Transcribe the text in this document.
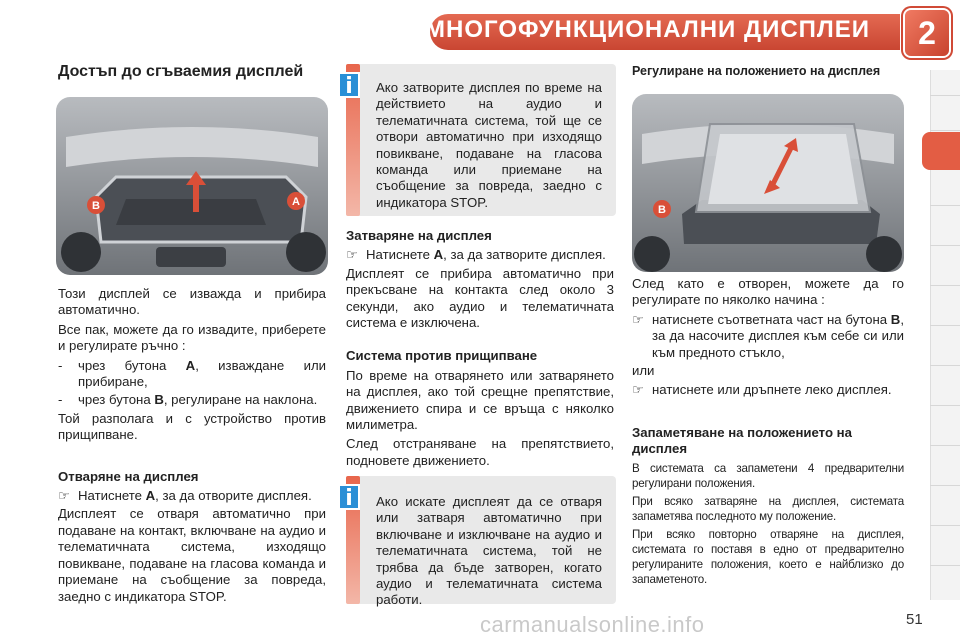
МНОГОФУНКЦИОНАЛНИ ДИСПЛЕИ	2
Достъп до сгъваемия дисплей
B	A

Този дисплей се изважда и прибира автоматично.

Все пак, можете да го извадите, приберете и регулирате ръчно :

-	чрез бутона A, изваждане или прибиране,
-	чрез бутона B, регулиране на наклона.

Той разполага и с устройство против прищипване.

Отваряне на дисплея
☞ Натиснете A, за да отворите дисплея.

Дисплеят се отваря автоматично при подаване на контакт, включване на аудио и телематичната система, изходящо повикване, подаване на гласова команда и приемане на съобщение за повреда, заедно с индикатора STOP.

i	Ако затворите дисплея по време на действието на аудио и телематичната система, той ще се отвори автоматично при изходящо повикване, подаване на гласова команда или приемане на съобщение за повреда, заедно с индикатора STOP.
Затваряне на дисплея
☞ Натиснете A, за да затворите дисплея.

Дисплеят се прибира автоматично при прекъсване на контакта след около 3 секунди, ако аудио и телематичната система е изключена.

Система против прищипване

По време на отварянето или затварянето на дисплея, ако той срещне препятствие, движението спира и се връща с няколко милиметра.

След отстраняване на препятствието, подновете движението.

i	Ако искате дисплеят да се отваря или затваря автоматично при включване и изключване на аудио и телематичната система, той не трябва да бъде затворен, когато аудио и телематичната система работи.
Регулиране на положението на дисплея
B

След като е отворен, можете да го регулирате по няколко начина :

☞ натиснете съответната част на бутона B, за да насочите дисплея към себе си или към предното стъкло,

или

☞ натиснете или дръпнете леко дисплея.
Запаметяване на положението на дисплея

В системата са запаметени 4 предварителни регулирани положения.

При всяко затваряне на дисплея, системата запаметява последното му положение.

При всяко повторно отваряне на дисплея, системата го поставя в едно от предварително регулираните положения, което е найблизко до запаметеното.

carmanualsonline.info	51
